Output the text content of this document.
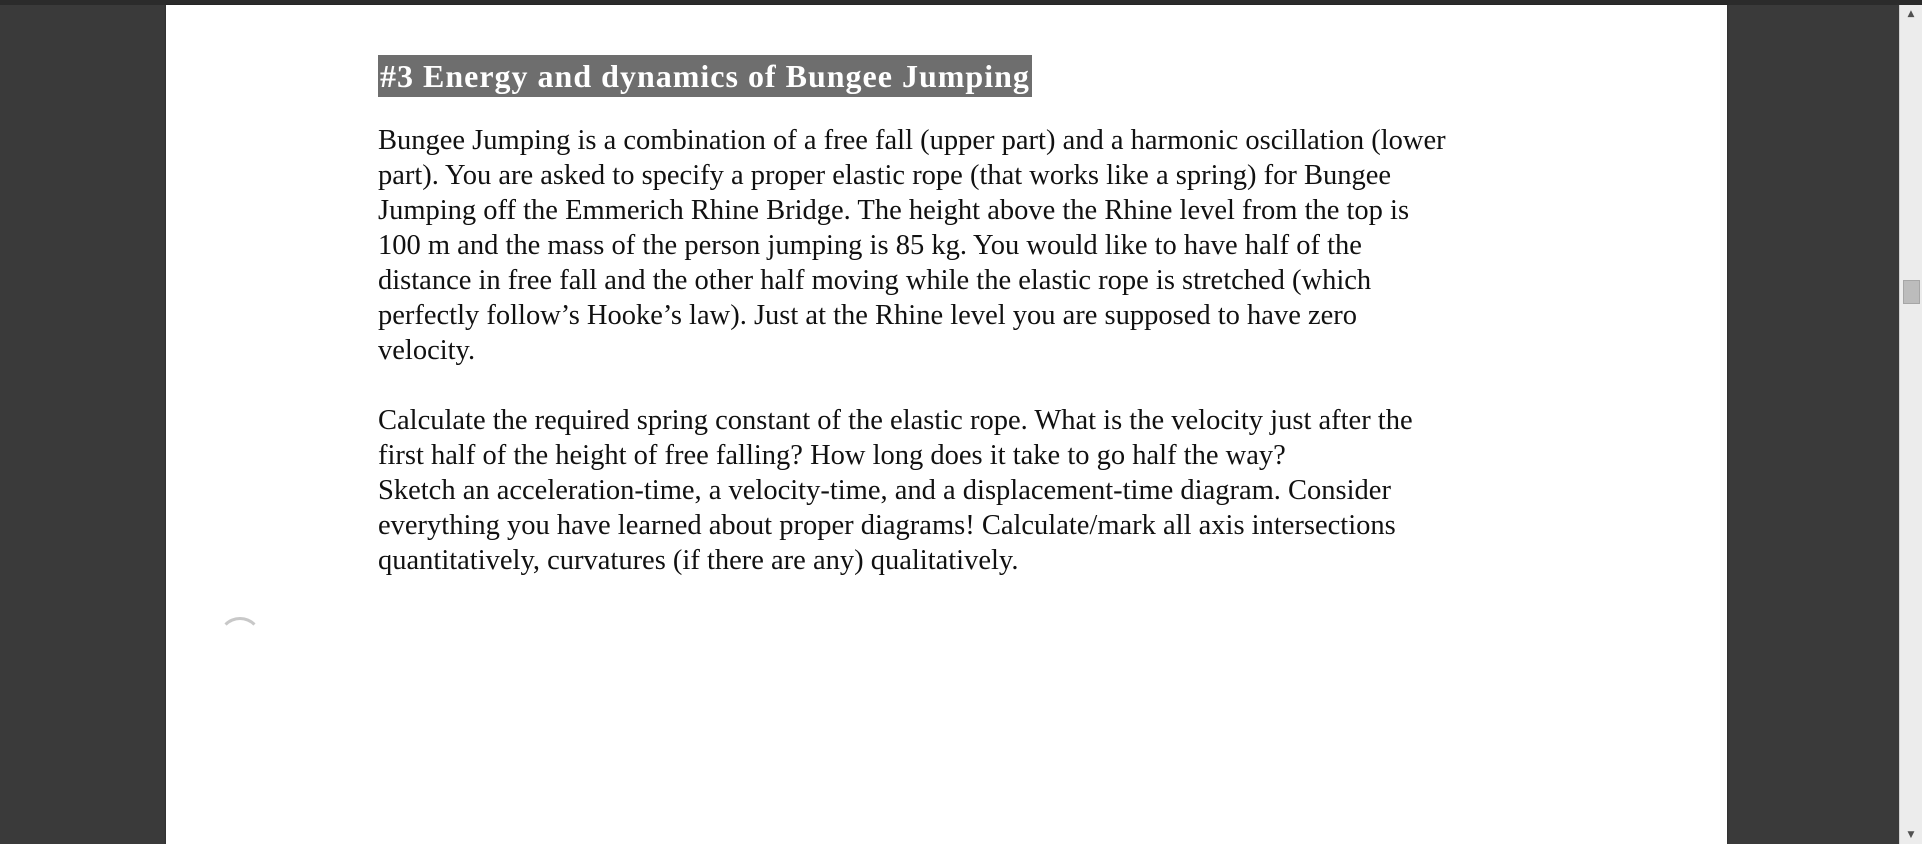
#3 Energy and dynamics of Bungee Jumping

Bungee Jumping is a combination of a free fall (upper part) and a harmonic oscillation (lower
part). You are asked to specify a proper elastic rope (that works like a spring) for Bungee
Jumping off the Emmerich Rhine Bridge. The height above the Rhine level from the top is
100 m and the mass of the person jumping is 85 kg. You would like to have half of the
distance in free fall and the other half moving while the elastic rope is stretched (which
perfectly follow’s Hooke’s law). Just at the Rhine level you are supposed to have zero
velocity.

Calculate the required spring constant of the elastic rope. What is the velocity just after the
first half of the height of free falling? How long does it take to go half the way?
Sketch an acceleration-time, a velocity-time, and a displacement-time diagram. Consider
everything you have learned about proper diagrams! Calculate/mark all axis intersections
quantitatively, curvatures (if there are any) qualitatively.

▲
▼
